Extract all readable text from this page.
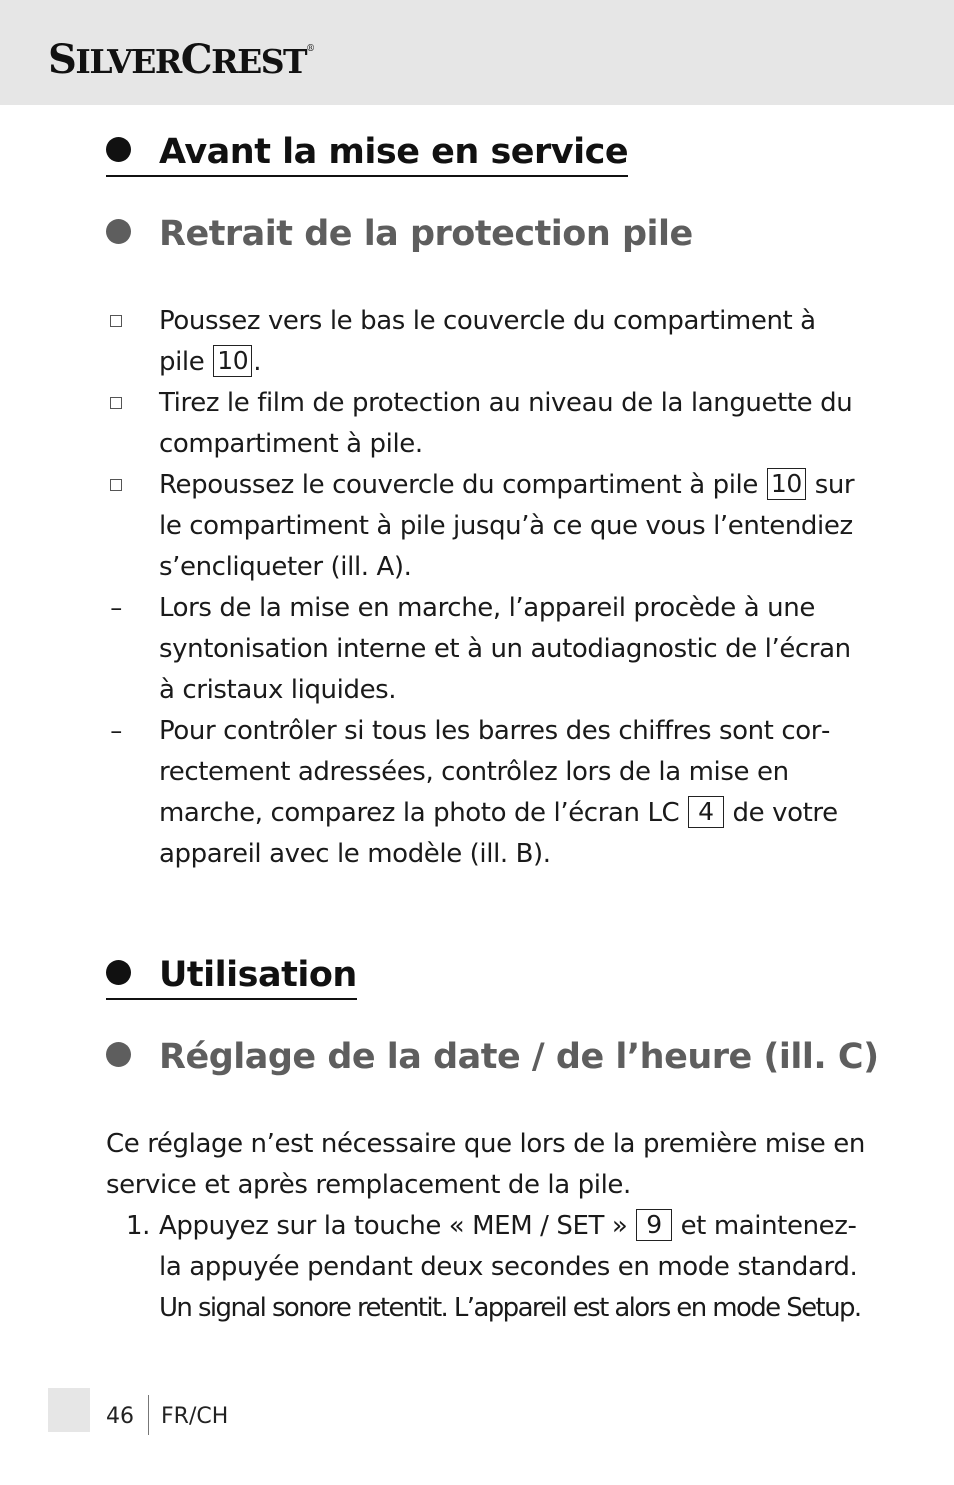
SILVERCREST®
Avant la mise en service
Retrait de la protection pile
Poussez vers le bas le couvercle du compartiment à pile 10 .
Tirez le film de protection au niveau de la languette du compartiment à pile.
Repoussez le couvercle du compartiment à pile 10 sur le compartiment à pile jusqu’à ce que vous l’entendiez s’encliqueter (ill. A).
– Lors de la mise en marche, l’appareil procède à une syntonisation interne et à un autodiagnostic de l’écran à cristaux liquides.
– Pour contrôler si tous les barres des chiffres sont correctement adressées, contrôlez lors de la mise en marche, comparez la photo de l’écran LC 4 de votre appareil avec le modèle (ill. B).
Utilisation
Réglage de la date / de l’heure (ill. C)
Ce réglage n’est nécessaire que lors de la première mise en service et après remplacement de la pile.
1. Appuyez sur la touche « MEM / SET » 9 et maintenez-la appuyée pendant deux secondes en mode standard.
Un signal sonore retentit. L’appareil est alors en mode Setup.
46 FR/CH
